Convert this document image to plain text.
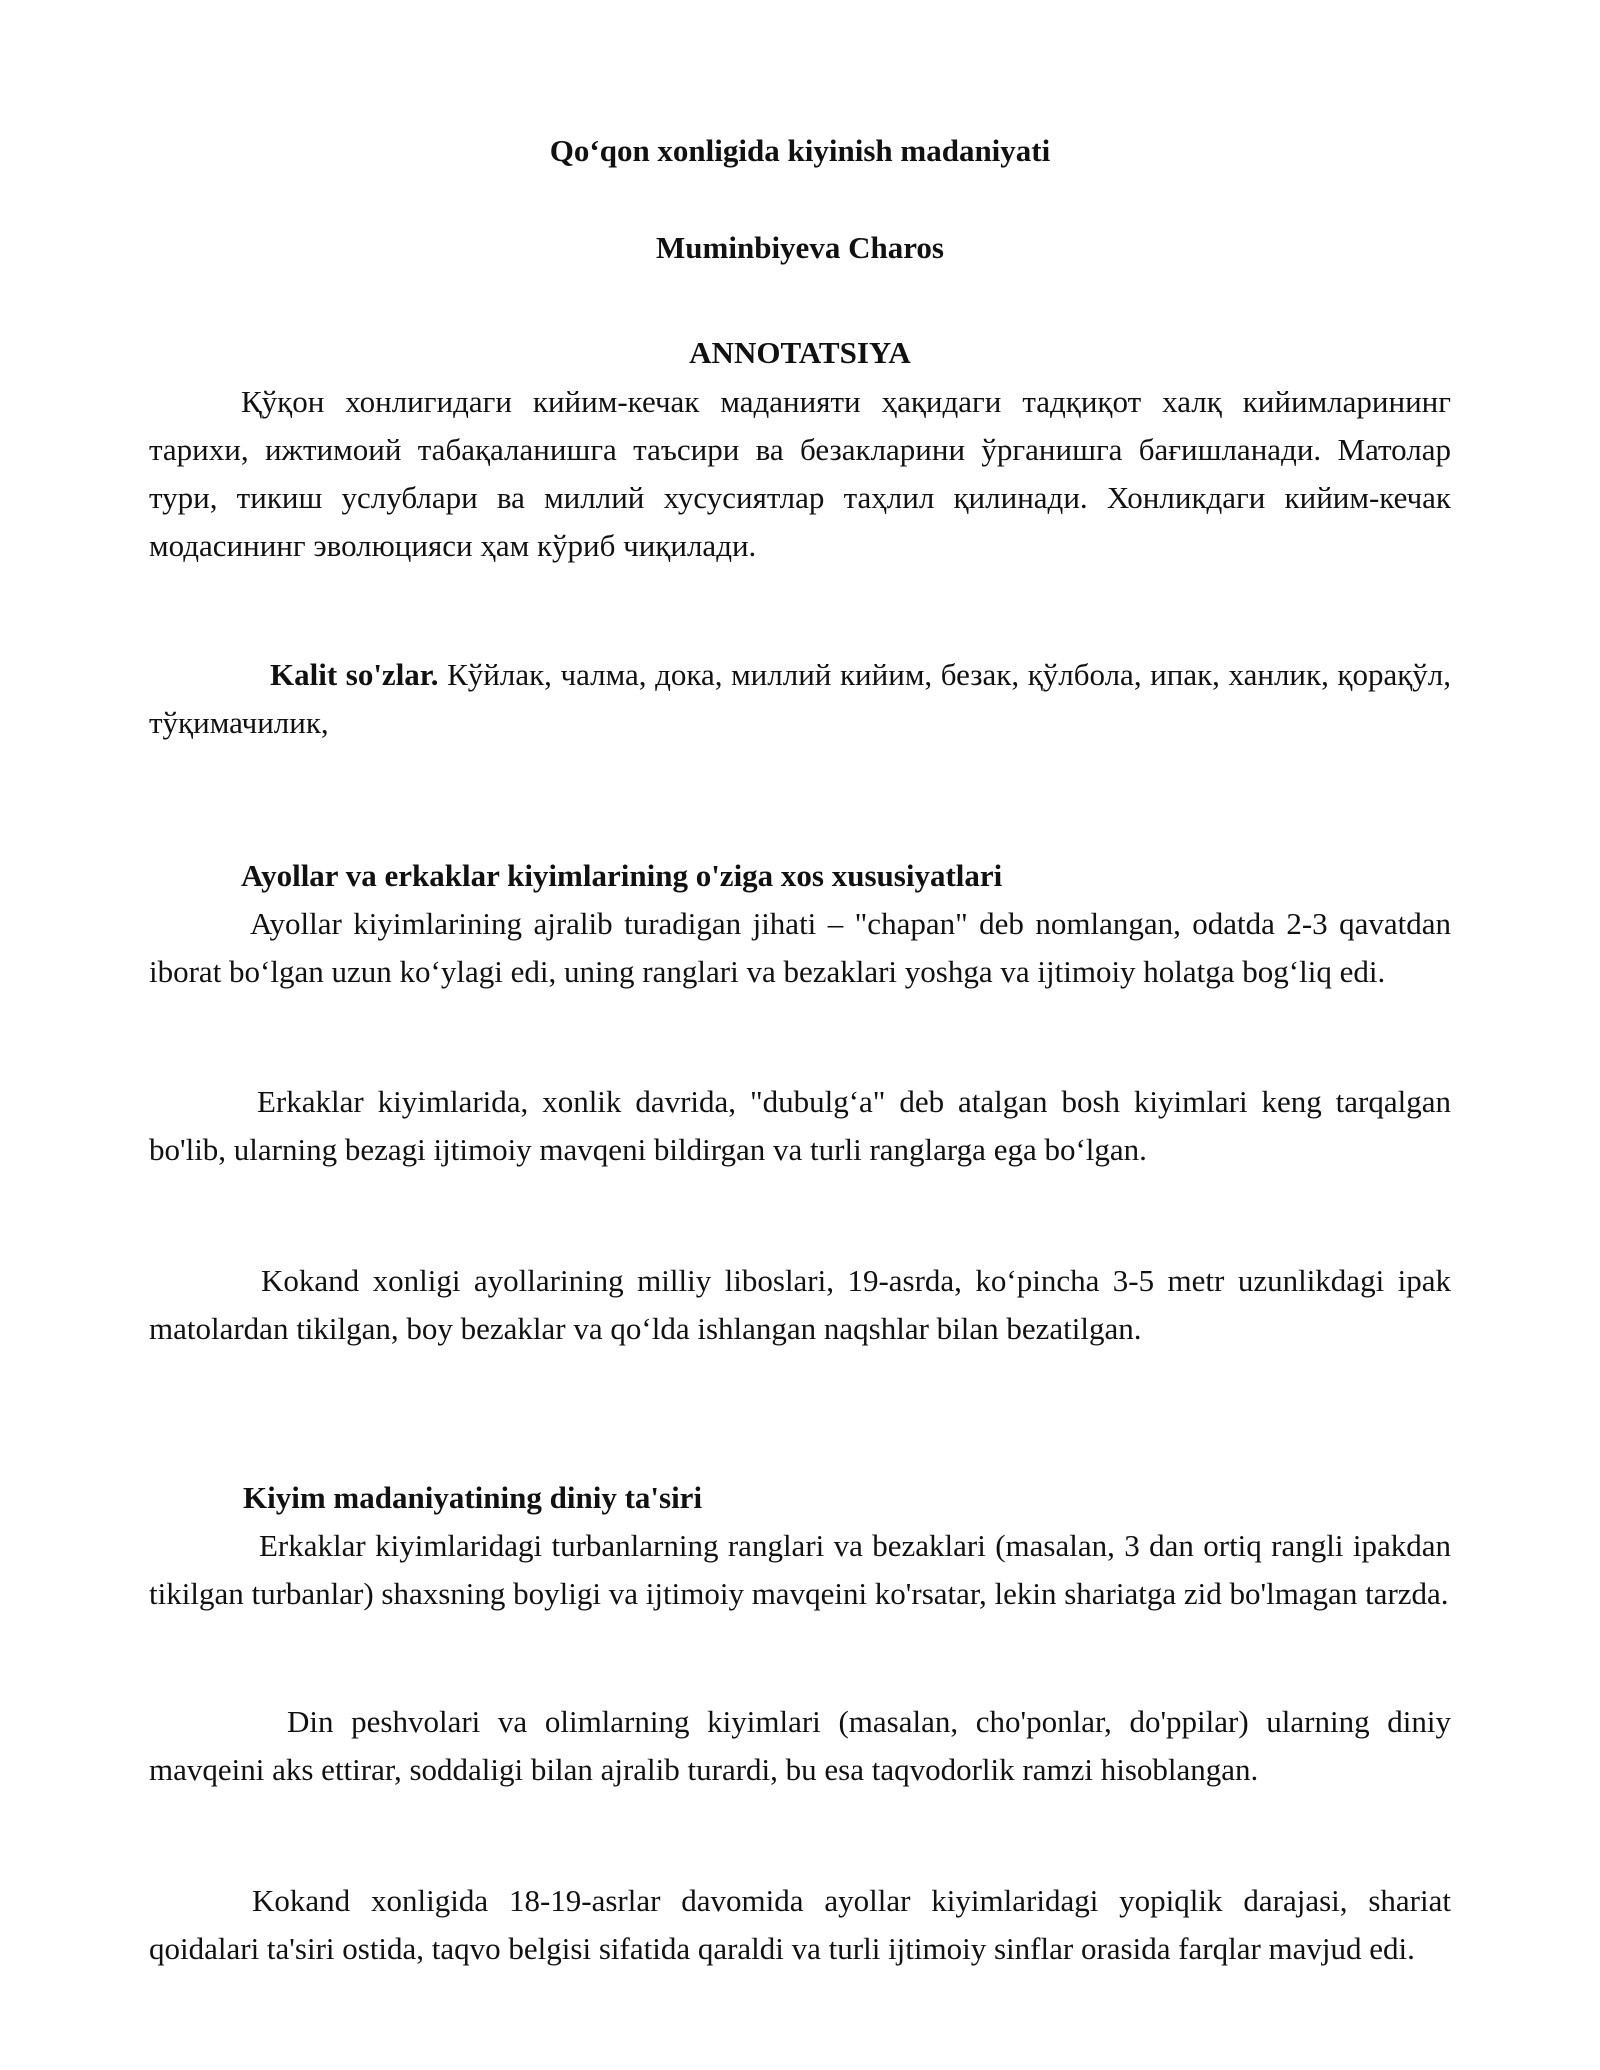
Qo‘qon xonligida kiyinish madaniyati
Muminbiyeva Charos
ANNOTATSIYA

Қўқон хонлигидаги кийим-кечак маданияти ҳақидаги тадқиқот халқ кийимларининг тарихи, ижтимоий табақаланишга таъсири ва безакларини ўрганишга бағишланади. Матолар тури, тикиш услублари ва миллий хусусиятлар таҳлил қилинади. Хонликдаги кийим-кечак модасининг эволюцияси ҳам кўриб чиқилади.

Kalit so'zlar. Кўйлак, чалма, дока, миллий кийим, безак, қўлбола, ипак, ханлик, қорақўл, тўқимачилик,

Ayollar va erkaklar kiyimlarining o'ziga xos xususiyatlari

Ayollar kiyimlarining ajralib turadigan jihati – "chapan" deb nomlangan, odatda 2-3 qavatdan iborat bo‘lgan uzun ko‘ylagi edi, uning ranglari va bezaklari yoshga va ijtimoiy holatga bog‘liq edi.

Erkaklar kiyimlarida, xonlik davrida, "dubulg‘a" deb atalgan bosh kiyimlari keng tarqalgan bo'lib, ularning bezagi ijtimoiy mavqeni bildirgan va turli ranglarga ega bo‘lgan.

Kokand xonligi ayollarining milliy liboslari, 19-asrda, ko‘pincha 3-5 metr uzunlikdagi ipak matolardan tikilgan, boy bezaklar va qo‘lda ishlangan naqshlar bilan bezatilgan.

Kiyim madaniyatining diniy ta'siri

Erkaklar kiyimlaridagi turbanlarning ranglari va bezaklari (masalan, 3 dan ortiq rangli ipakdan tikilgan turbanlar) shaxsning boyligi va ijtimoiy mavqeini ko'rsatar, lekin shariatga zid bo'lmagan tarzda.

Din peshvolari va olimlarning kiyimlari (masalan, cho'ponlar, do'ppilar) ularning diniy mavqeini aks ettirar, soddaligi bilan ajralib turardi, bu esa taqvodorlik ramzi hisoblangan.

Kokand xonligida 18-19-asrlar davomida ayollar kiyimlaridagi yopiqlik darajasi, shariat qoidalari ta'siri ostida, taqvo belgisi sifatida qaraldi va turli ijtimoiy sinflar orasida farqlar mavjud edi.
